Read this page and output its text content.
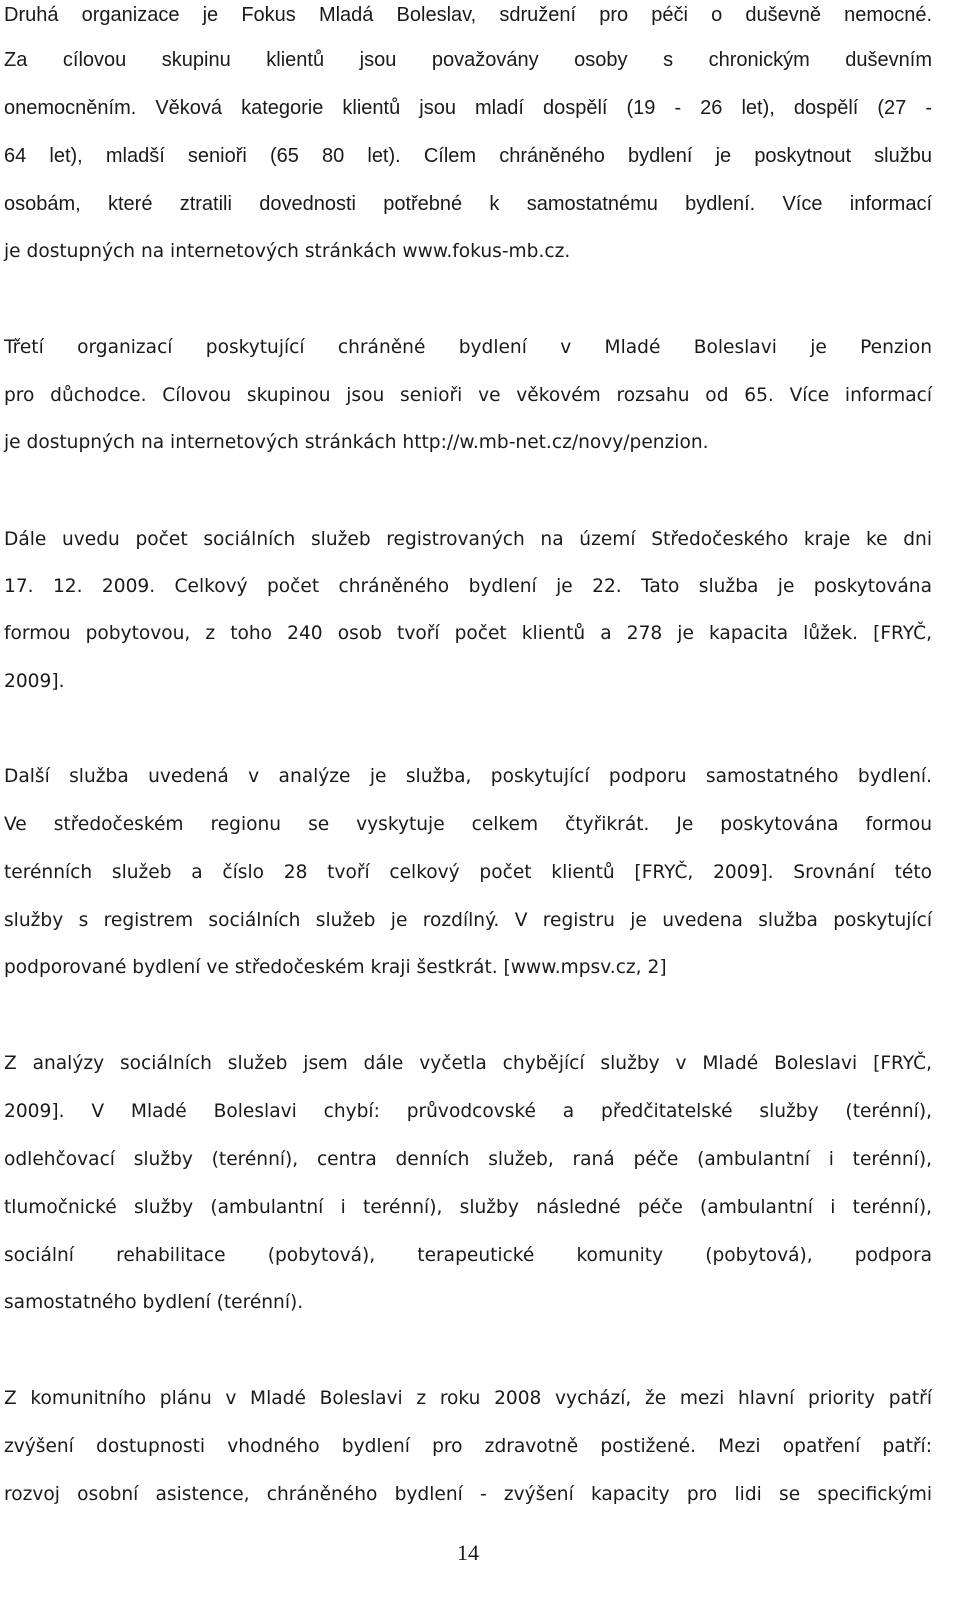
Druhá organizace je Fokus Mladá Boleslav, sdružení pro péči o duševně nemocné.
Za cílovou skupinu klientů jsou považovány osoby s chronickým duševním
onemocněním. Věková kategorie klientů jsou mladí dospělí (19 - 26 let), dospělí (27 -
64 let), mladší senioři (65 80 let). Cílem chráněného bydlení je poskytnout službu
osobám, které ztratili dovednosti potřebné k samostatnému bydlení. Více informací
je dostupných na internetových stránkách www.fokus-mb.cz.
Třetí organizací poskytující chráněné bydlení v Mladé Boleslavi je Penzion
pro důchodce. Cílovou skupinou jsou senioři ve věkovém rozsahu od 65. Více informací
je dostupných na internetových stránkách http://w.mb-net.cz/novy/penzion.
Dále uvedu počet sociálních služeb registrovaných na území Středočeského kraje ke dni
17. 12. 2009. Celkový počet chráněného bydlení je 22. Tato služba je poskytována
formou pobytovou, z toho 240 osob tvoří počet klientů a 278 je kapacita lůžek. [FRYČ,
2009].
Další služba uvedená v analýze je služba, poskytující podporu samostatného bydlení.
Ve středočeském regionu se vyskytuje celkem čtyřikrát. Je poskytována formou
terénních služeb a číslo 28 tvoří celkový počet klientů [FRYČ, 2009]. Srovnání této
služby s registrem sociálních služeb je rozdílný. V registru je uvedena služba poskytující
podporované bydlení ve středočeském kraji šestkrát. [www.mpsv.cz, 2]
Z analýzy sociálních služeb jsem dále vyčetla chybějící služby v Mladé Boleslavi [FRYČ,
2009]. V Mladé Boleslavi chybí: průvodcovské a předčitatelské služby (terénní),
odlehčovací služby (terénní), centra denních služeb, raná péče (ambulantní i terénní),
tlumočnické služby (ambulantní i terénní), služby následné péče (ambulantní i terénní),
sociální rehabilitace (pobytová), terapeutické komunity (pobytová), podpora
samostatného bydlení (terénní).
Z komunitního plánu v Mladé Boleslavi z roku 2008 vychází, že mezi hlavní priority patří
zvýšení dostupnosti vhodného bydlení pro zdravotně postižené. Mezi opatření patří:
rozvoj osobní asistence, chráněného bydlení - zvýšení kapacity pro lidi se specifickými
14
